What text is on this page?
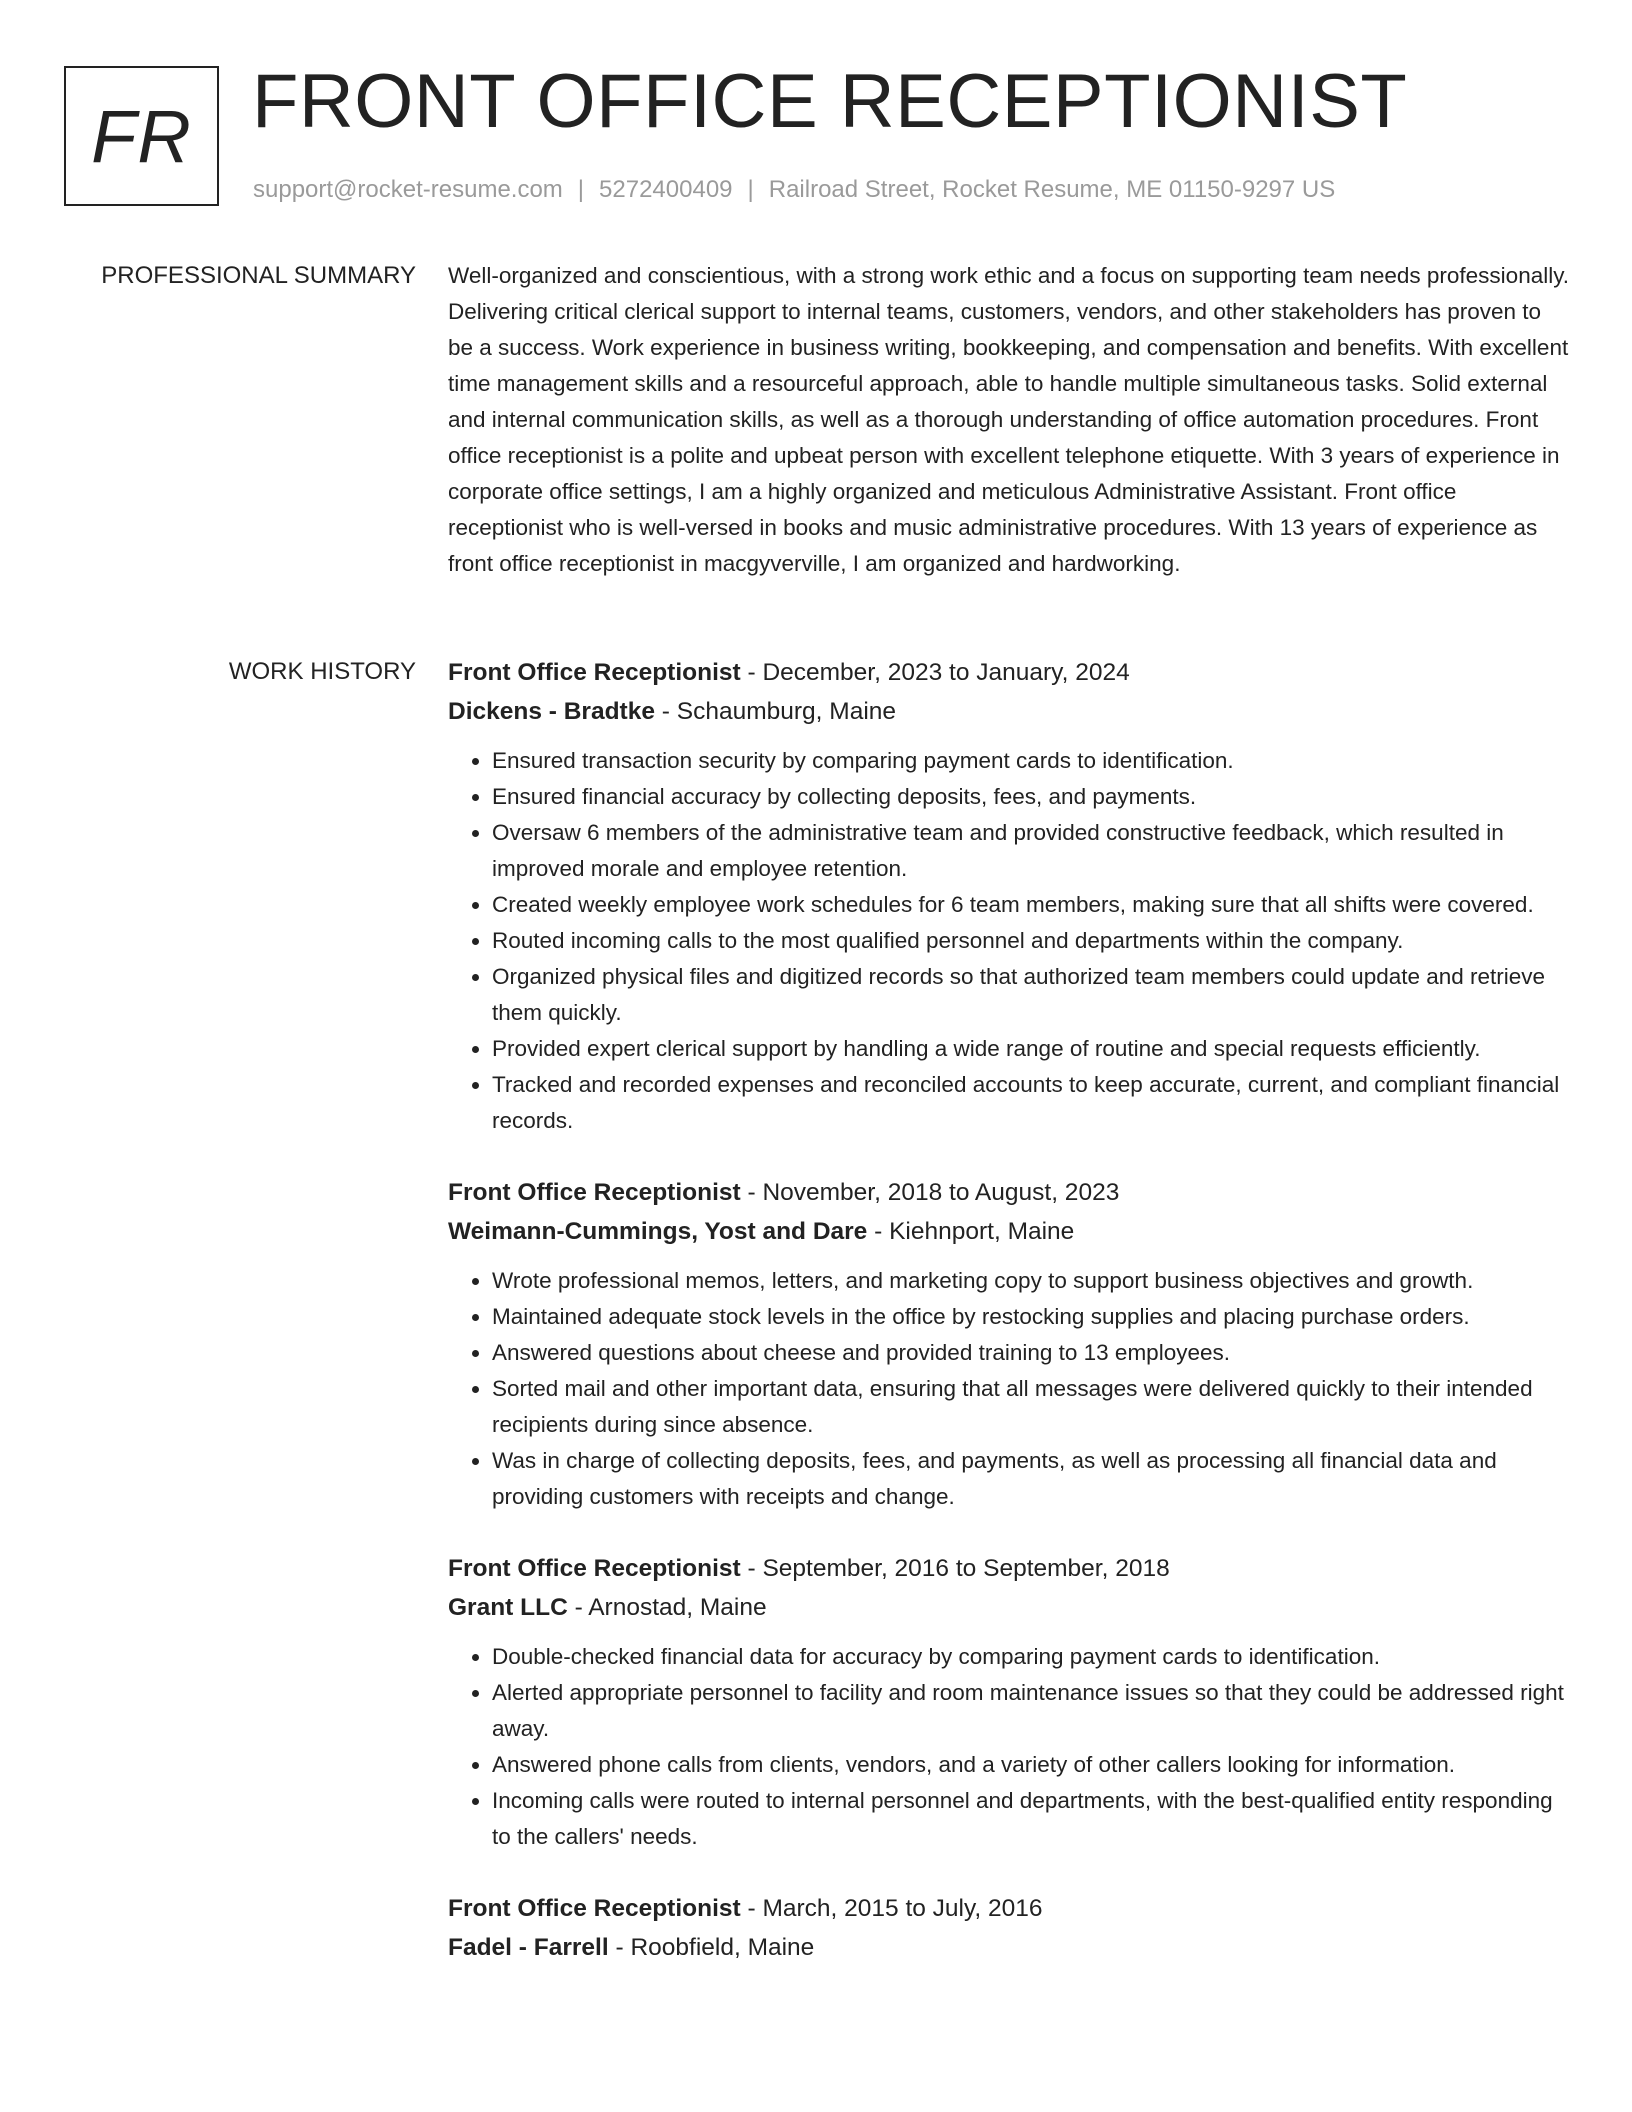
FR FRONT OFFICE RECEPTIONIST
support@rocket-resume.com | 5272400409 | Railroad Street, Rocket Resume, ME 01150-9297 US
PROFESSIONAL SUMMARY Well-organized and conscientious, with a strong work ethic and a focus on supporting team needs professionally. Delivering critical clerical support to internal teams, customers, vendors, and other stakeholders has proven to be a success. Work experience in business writing, bookkeeping, and compensation and benefits. With excellent time management skills and a resourceful approach, able to handle multiple simultaneous tasks. Solid external and internal communication skills, as well as a thorough understanding of office automation procedures. Front office receptionist is a polite and upbeat person with excellent telephone etiquette. With 3 years of experience in corporate office settings, I am a highly organized and meticulous Administrative Assistant. Front office receptionist who is well-versed in books and music administrative procedures. With 13 years of experience as front office receptionist in macgyverville, I am organized and hardworking.

WORK HISTORY Front Office Receptionist - December, 2023 to January, 2024
Dickens - Bradtke - Schaumburg, Maine
• Ensured transaction security by comparing payment cards to identification.
• Ensured financial accuracy by collecting deposits, fees, and payments.
• Oversaw 6 members of the administrative team and provided constructive feedback, which resulted in improved morale and employee retention.
• Created weekly employee work schedules for 6 team members, making sure that all shifts were covered.
• Routed incoming calls to the most qualified personnel and departments within the company.
• Organized physical files and digitized records so that authorized team members could update and retrieve them quickly.
• Provided expert clerical support by handling a wide range of routine and special requests efficiently.
• Tracked and recorded expenses and reconciled accounts to keep accurate, current, and compliant financial records.
Front Office Receptionist - November, 2018 to August, 2023
Weimann-Cummings, Yost and Dare - Kiehnport, Maine
• Wrote professional memos, letters, and marketing copy to support business objectives and growth.
• Maintained adequate stock levels in the office by restocking supplies and placing purchase orders.
• Answered questions about cheese and provided training to 13 employees.
• Sorted mail and other important data, ensuring that all messages were delivered quickly to their intended recipients during since absence.
• Was in charge of collecting deposits, fees, and payments, as well as processing all financial data and providing customers with receipts and change.
Front Office Receptionist - September, 2016 to September, 2018
Grant LLC - Arnostad, Maine
• Double-checked financial data for accuracy by comparing payment cards to identification.
• Alerted appropriate personnel to facility and room maintenance issues so that they could be addressed right away.
• Answered phone calls from clients, vendors, and a variety of other callers looking for information.
• Incoming calls were routed to internal personnel and departments, with the best-qualified entity responding to the callers' needs.
Front Office Receptionist - March, 2015 to July, 2016
Fadel - Farrell - Roobfield, Maine
